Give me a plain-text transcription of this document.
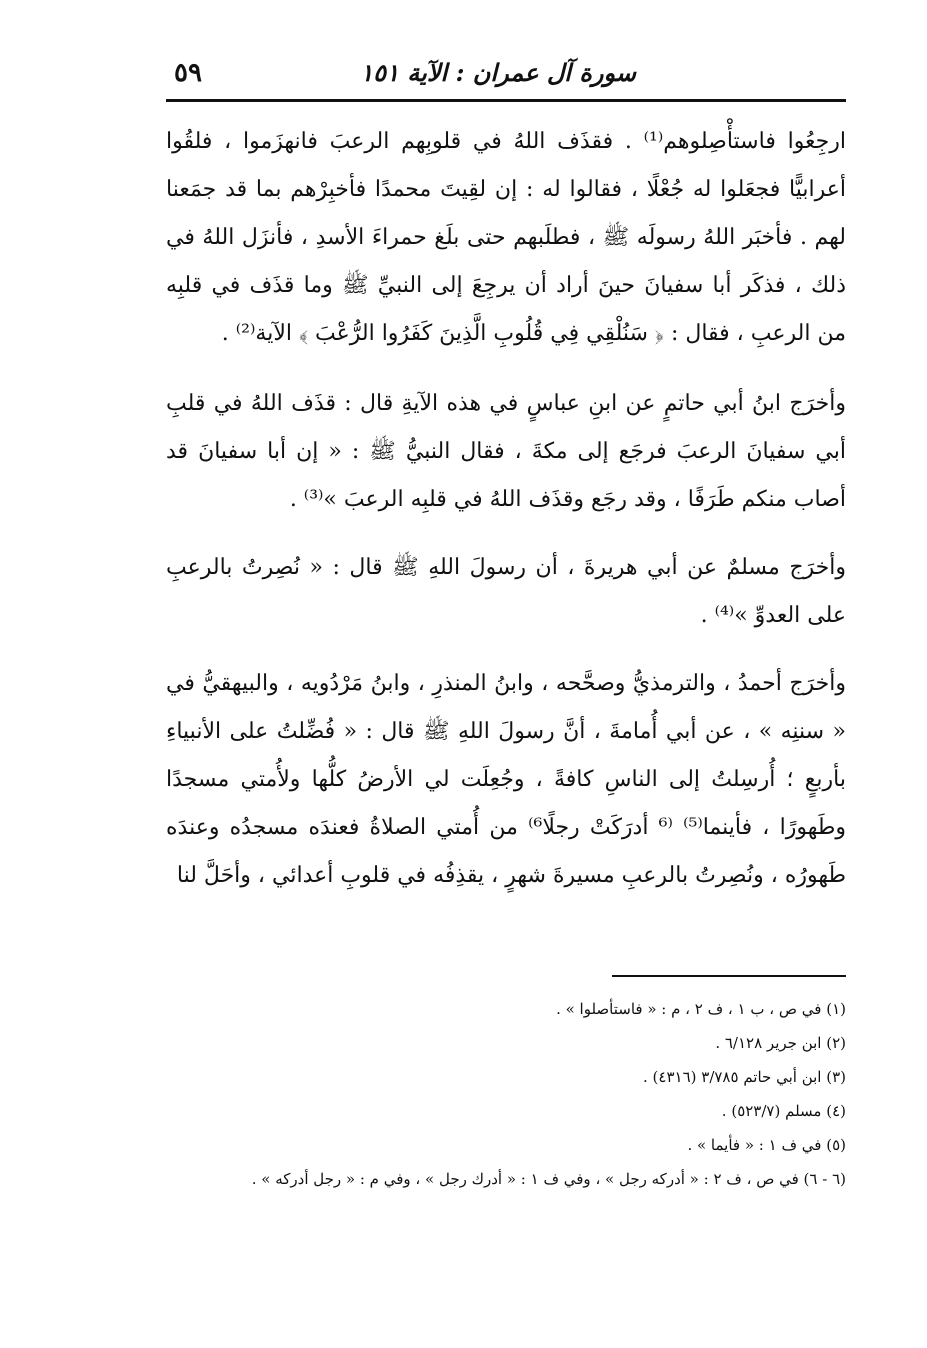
سورة آل عمران : الآية ١٥١
٥٩

ارجِعُوا فاستأْصِلوهم⁽¹⁾ . فقذَف اللهُ في قلوبِهم الرعبَ فانهزَموا ، فلقُوا أعرابيًّا فجعَلوا له جُعْلًا ، فقالوا له : إن لقِيتَ محمدًا فأخبِرْهم بما قد جمَعنا لهم . فأخبَر اللهُ رسولَه ﷺ ، فطلَبهم حتى بلَغ حمراءَ الأسدِ ، فأنزَل اللهُ في ذلك ، فذكَر أبا سفيانَ حينَ أراد أن يرجِعَ إلى النبيِّ ﷺ وما قذَف في قلبِه من الرعبِ ، فقال : ﴿ سَنُلْقِي فِي قُلُوبِ الَّذِينَ كَفَرُوا الرُّعْبَ ﴾ الآية⁽²⁾ .

وأخرَج ابنُ أبي حاتمٍ عن ابنِ عباسٍ في هذه الآيةِ قال : قذَف اللهُ في قلبِ أبي سفيانَ الرعبَ فرجَع إلى مكةَ ، فقال النبيُّ ﷺ : « إن أبا سفيانَ قد أصاب منكم طَرَفًا ، وقد رجَع وقذَف اللهُ في قلبِه الرعبَ »⁽³⁾ .

وأخرَج مسلمٌ عن أبي هريرةَ ، أن رسولَ اللهِ ﷺ قال : « نُصِرتُ بالرعبِ على العدوِّ »⁽⁴⁾ .

وأخرَج أحمدُ ، والترمذيُّ وصحَّحه ، وابنُ المنذرِ ، وابنُ مَرْدُويه ، والبيهقيُّ في « سننِه » ، عن أبي أُمامةَ ، أنَّ رسولَ اللهِ ﷺ قال : « فُضِّلتُ على الأنبياءِ بأربعٍ ؛ أُرسِلتُ إلى الناسِ كافةً ، وجُعِلَت لي الأرضُ كلُّها ولأُمتي مسجدًا وطَهورًا ، فأينما⁽⁵⁾ ⁽⁶ أدرَكَتْ رجلًا⁶⁾ من أُمتي الصلاةُ فعندَه مسجدُه وعندَه طَهورُه ، ونُصِرتُ بالرعبِ مسيرةَ شهرٍ ، يقذِفُه في قلوبِ أعدائي ، وأحَلَّ لنا

(١) في ص ، ب ١ ، ف ٢ ، م : « فاستأصلوا » .
(٢) ابن جرير ٦/١٢٨ .
(٣) ابن أبي حاتم ٣/٧٨٥ (٤٣١٦) .
(٤) مسلم (٥٢٣/٧) .
(٥) في ف ١ : « فأيما » .
(٦ - ٦) في ص ، ف ٢ : « أدركه رجل » ، وفي ف ١ : « أدرك رجل » ، وفي م : « رجل أدركه » .
